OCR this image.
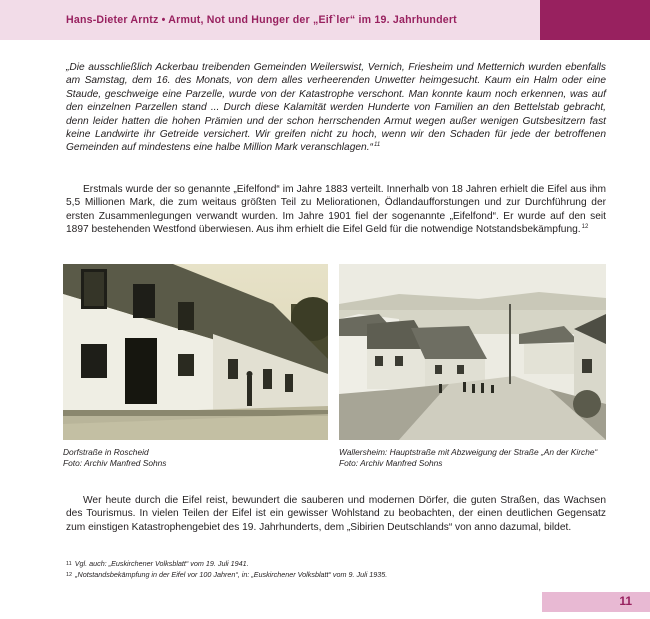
Hans-Dieter Arntz • Armut, Not und Hunger der „Eif`ler“ im 19. Jahrhundert
„Die ausschließlich Ackerbau treibenden Gemeinden Weilerswist, Vernich, Friesheim und Metternich wurden ebenfalls am Samstag, dem 16. des Monats, von dem alles verheerenden Unwetter heimgesucht. Kaum ein Halm oder eine Staude, geschweige eine Parzelle, wurde von der Katastrophe verschont. Man konnte kaum noch erkennen, was auf den einzelnen Parzellen stand ... Durch diese Kalamität werden Hunderte von Familien an den Bettelstab gebracht, denn leider hatten die hohen Prämien und der schon herrschenden Armut wegen außer wenigen Gutsbesitzern fast keine Landwirte ihr Getreide versichert. Wir greifen nicht zu hoch, wenn wir den Schaden für jede der betroffenen Gemeinden auf mindestens eine halbe Million Mark veranschlagen.“$^{11}$
Erstmals wurde der so genannte „Eifelfond“ im Jahre 1883 verteilt. Innerhalb von 18 Jahren erhielt die Eifel aus ihm 5,5 Millionen Mark, die zum weitaus größten Teil zu Meliorationen, Ödlandaufforstungen und zur Durchführung der ersten Zusammenlegungen verwandt wurden. Im Jahre 1901 fiel der sogenannte „Eifelfond“. Er wurde auf den seit 1897 bestehenden Westfond überwiesen. Aus ihm erhielt die Eifel Geld für die notwendige Notstandsbekämpfung.$^{12}$
Dorfstraße in Roscheid
Foto: Archiv Manfred Sohns
Wallersheim: Hauptstraße mit Abzweigung der Straße „An der Kirche“
Foto: Archiv Manfred Sohns
Wer heute durch die Eifel reist, bewundert die sauberen und modernen Dörfer, die guten Straßen, das Wachsen des Tourismus. In vielen Teilen der Eifel ist ein gewisser Wohlstand zu beobachten, der einen deutlichen Gegensatz zum einstigen Katastrophengebiet des 19. Jahrhunderts, dem „Sibirien Deutschlands“ von anno dazumal, bildet.
$^{11}$ Vgl. auch: „Euskirchener Volksblatt“ vom 19. Juli 1941.
$^{12}$ „Notstandsbekämpfung in der Eifel vor 100 Jahren“, in: „Euskirchener Volksblatt“ vom 9. Juli 1935.
11
